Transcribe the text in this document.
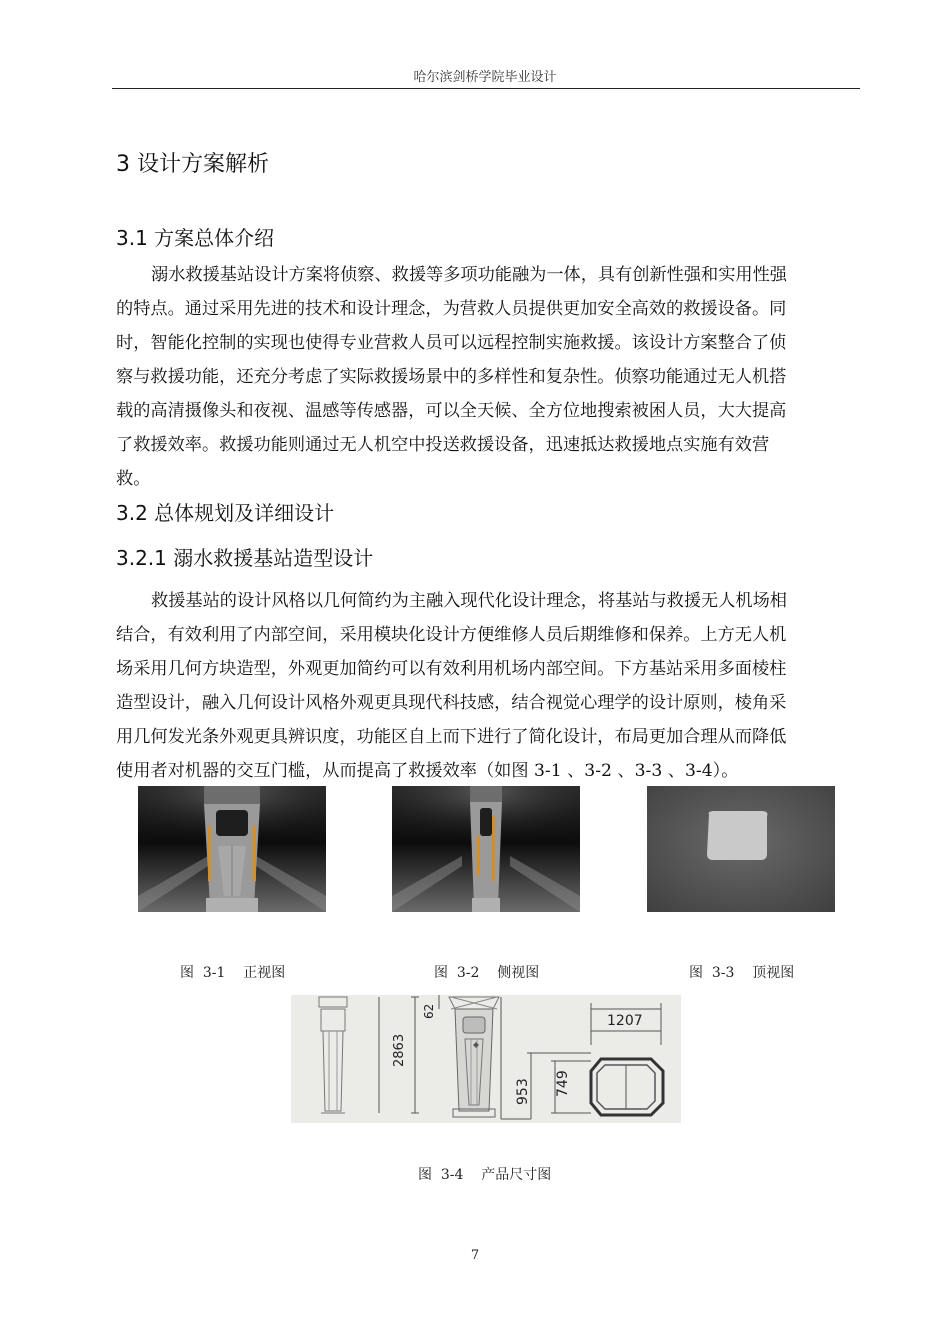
哈尔滨剑桥学院毕业设计
3 设计方案解析
3.1 方案总体介绍
溺水救援基站设计方案将侦察、救援等多项功能融为一体，具有创新性强和实用性强
的特点。通过采用先进的技术和设计理念，为营救人员提供更加安全高效的救援设备。同
时，智能化控制的实现也使得专业营救人员可以远程控制实施救援。该设计方案整合了侦
察与救援功能，还充分考虑了实际救援场景中的多样性和复杂性。侦察功能通过无人机搭
载的高清摄像头和夜视、温感等传感器，可以全天候、全方位地搜索被困人员，大大提高
了救援效率。救援功能则通过无人机空中投送救援设备，迅速抵达救援地点实施有效营
救。
3.2 总体规划及详细设计
3.2.1 溺水救援基站造型设计
救援基站的设计风格以几何简约为主融入现代化设计理念，将基站与救援无人机场相
结合，有效利用了内部空间，采用模块化设计方便维修人员后期维修和保养。上方无人机
场采用几何方块造型，外观更加简约可以有效利用机场内部空间。下方基站采用多面棱柱
造型设计，融入几何设计风格外观更具现代科技感，结合视觉心理学的设计原则，棱角采
用几何发光条外观更具辨识度，功能区自上而下进行了简化设计，布局更加合理从而降低
使用者对机器的交互门槛，从而提高了救援效率（如图 3-1 、3-2 、3-3 、3-4）。
图  3-1    正视图	图  3-2    侧视图	图  3-3    顶视图
2863
62
1207
953 749
图  3-4    产品尺寸图
7
